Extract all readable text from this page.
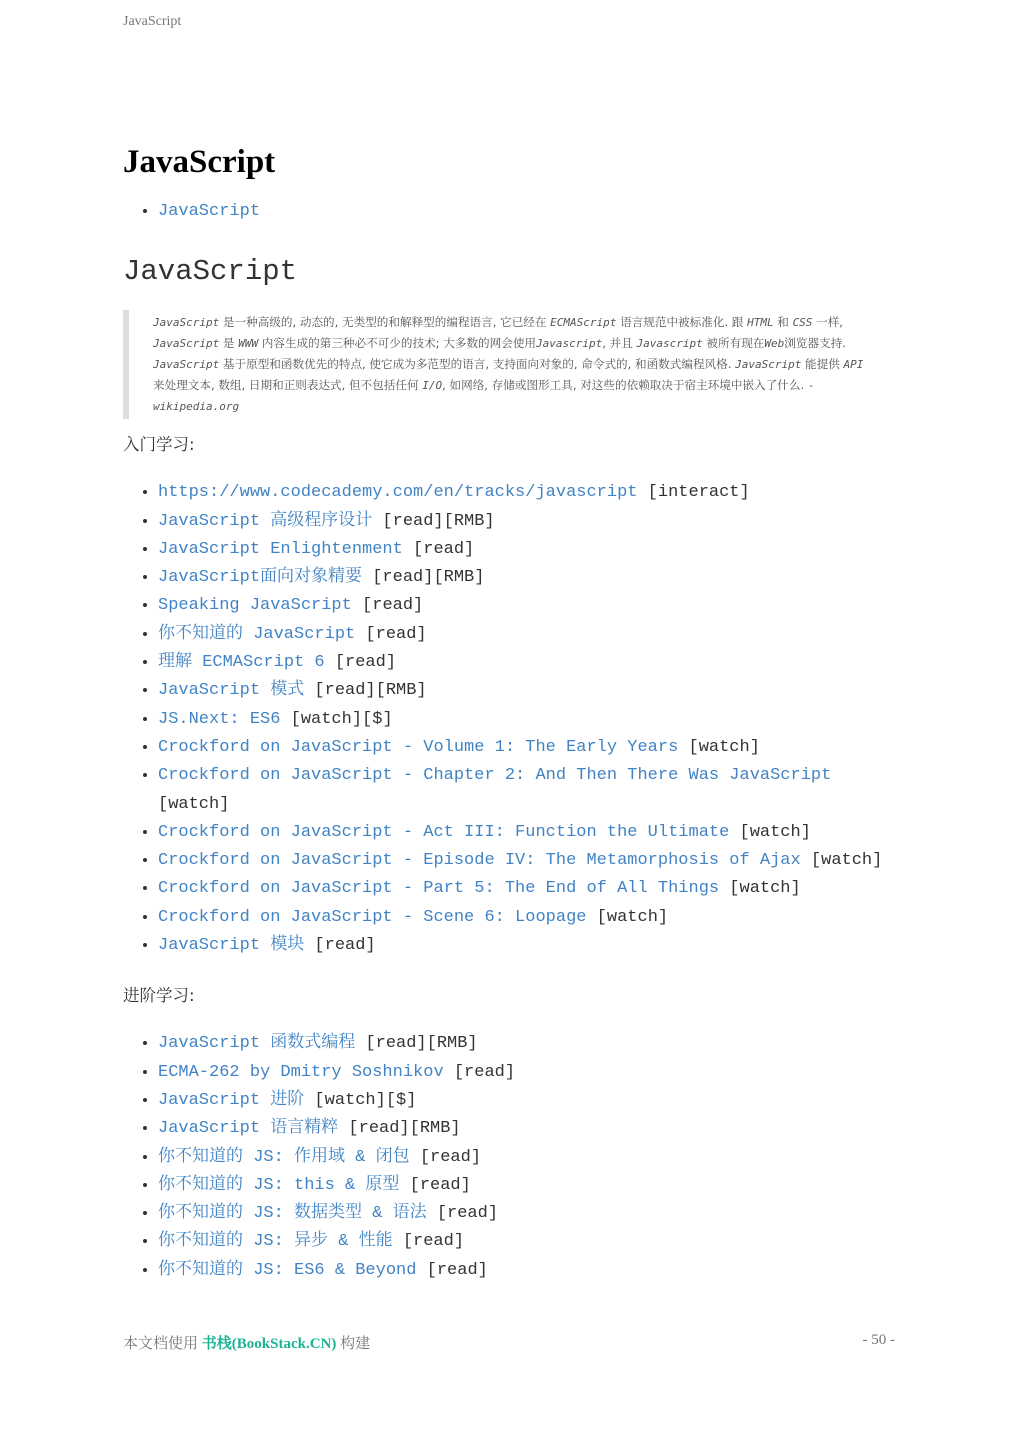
JavaScript
JavaScript
• JavaScript
JavaScript
JavaScript 是一种高级的, 动态的, 无类型的和解释型的编程语言, 它已经在 ECMAScript 语言规范中被标准化. 跟 HTML 和 CSS 一样, JavaScript 是 WWW 内容生成的第三种必不可少的技术; 大多数的网会使用Javascript, 并且 Javascript 被所有现在Web浏览器支持. JavaScript 基于原型和函数优先的特点, 使它成为多范型的语言, 支持面向对象的, 命令式的, 和函数式编程风格. JavaScript 能提供 API 来处理文本, 数组, 日期和正则表达式, 但不包括任何 I/O, 如网络, 存储或图形工具, 对这些的依赖取决于宿主环境中嵌入了什么. - wikipedia.org
入门学习:
• https://www.codecademy.com/en/tracks/javascript [interact]
• JavaScript 高级程序设计 [read][RMB]
• JavaScript Enlightenment [read]
• JavaScript面向对象精要 [read][RMB]
• Speaking JavaScript [read]
• 你不知道的 JavaScript [read]
• 理解 ECMAScript 6 [read]
• JavaScript 模式 [read][RMB]
• JS.Next: ES6 [watch][$]
• Crockford on JavaScript - Volume 1: The Early Years [watch]
• Crockford on JavaScript - Chapter 2: And Then There Was JavaScript [watch]
• Crockford on JavaScript - Act III: Function the Ultimate [watch]
• Crockford on JavaScript - Episode IV: The Metamorphosis of Ajax [watch]
• Crockford on JavaScript - Part 5: The End of All Things [watch]
• Crockford on JavaScript - Scene 6: Loopage [watch]
• JavaScript 模块 [read]
进阶学习:
• JavaScript 函数式编程 [read][RMB]
• ECMA-262 by Dmitry Soshnikov [read]
• JavaScript 进阶 [watch][$]
• JavaScript 语言精粹 [read][RMB]
• 你不知道的 JS: 作用域 & 闭包 [read]
• 你不知道的 JS: this & 原型 [read]
• 你不知道的 JS: 数据类型 & 语法 [read]
• 你不知道的 JS: 异步 & 性能 [read]
• 你不知道的 JS: ES6 & Beyond [read]
本文档使用 书栈(BookStack.CN) 构建	- 50 -
